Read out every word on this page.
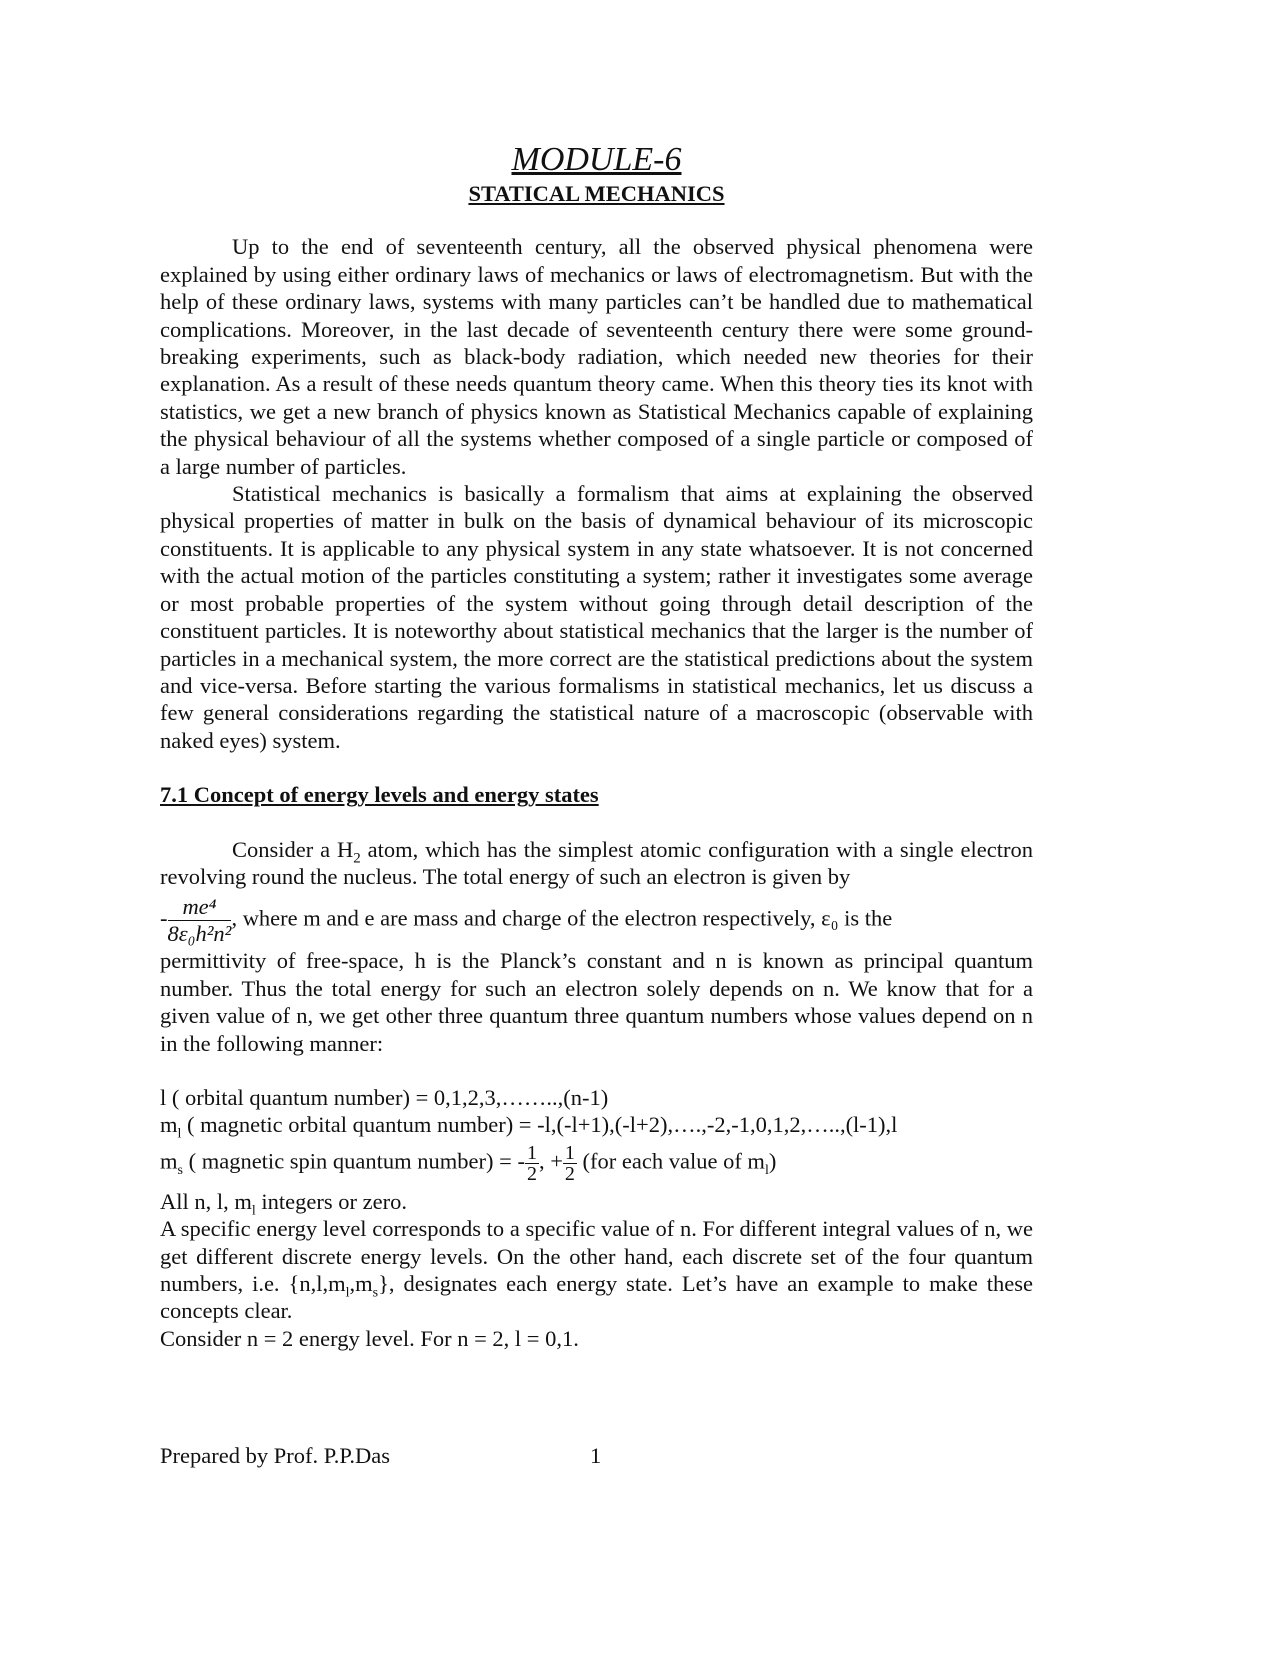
MODULE-6
STATICAL MECHANICS
Up to the end of seventeenth century, all the observed physical phenomena were explained by using either ordinary laws of mechanics or laws of electromagnetism. But with the help of these ordinary laws, systems with many particles can’t be handled due to mathematical complications. Moreover, in the last decade of seventeenth century there were some ground-breaking experiments, such as black-body radiation, which needed new theories for their explanation. As a result of these needs quantum theory came. When this theory ties its knot with statistics, we get a new branch of physics known as Statistical Mechanics capable of explaining the physical behaviour of all the systems whether composed of a single particle or composed of a large number of particles.
Statistical mechanics is basically a formalism that aims at explaining the observed physical properties of matter in bulk on the basis of dynamical behaviour of its microscopic constituents. It is applicable to any physical system in any state whatsoever. It is not concerned with the actual motion of the particles constituting a system; rather it investigates some average or most probable properties of the system without going through detail description of the constituent particles. It is noteworthy about statistical mechanics that the larger is the number of particles in a mechanical system, the more correct are the statistical predictions about the system and vice-versa. Before starting the various formalisms in statistical mechanics, let us discuss a few general considerations regarding the statistical nature of a macroscopic (observable with naked eyes) system.
7.1 Concept of energy levels and energy states
Consider a $H_2$ atom, which has the simplest atomic configuration with a single electron revolving round the nucleus. The total energy of such an electron is given by
- $\frac{\text{me⁴}}{\text{8ε₀h²n²}}$ , where m and e are mass and charge of the electron respectively, ε₀ is the
permittivity of free-space, h is the Planck’s constant and n is known as principal quantum number. Thus the total energy for such an electron solely depends on n. We know that for a given value of n, we get other three quantum three quantum numbers whose values depend on n in the following manner:
l ( orbital quantum number) = 0,1,2,3,……..,(n-1)
$m_l$ ( magnetic orbital quantum number) = -l,(-l+1),(-l+2),….,-2,-1,0,1,2,…..,(l-1),l
$m_s$ ( magnetic spin quantum number) = - $\frac{1}{2}$ , + $\frac{1}{2} (for$ each value of $m_l$)
All n, l, $m_l$ integers or zero.
A specific energy level corresponds to a specific value of n. For different integral values of n, we get different discrete energy levels. On the other hand, each discrete set of the four quantum numbers, i.e. $\{n,l,m_l,m_s\}$, designates each energy state. Let’s have an example to make these concepts clear.
Consider n = 2 energy level. For n = 2, l = 0,1.
Prepared by Prof. P.P.Das	1
